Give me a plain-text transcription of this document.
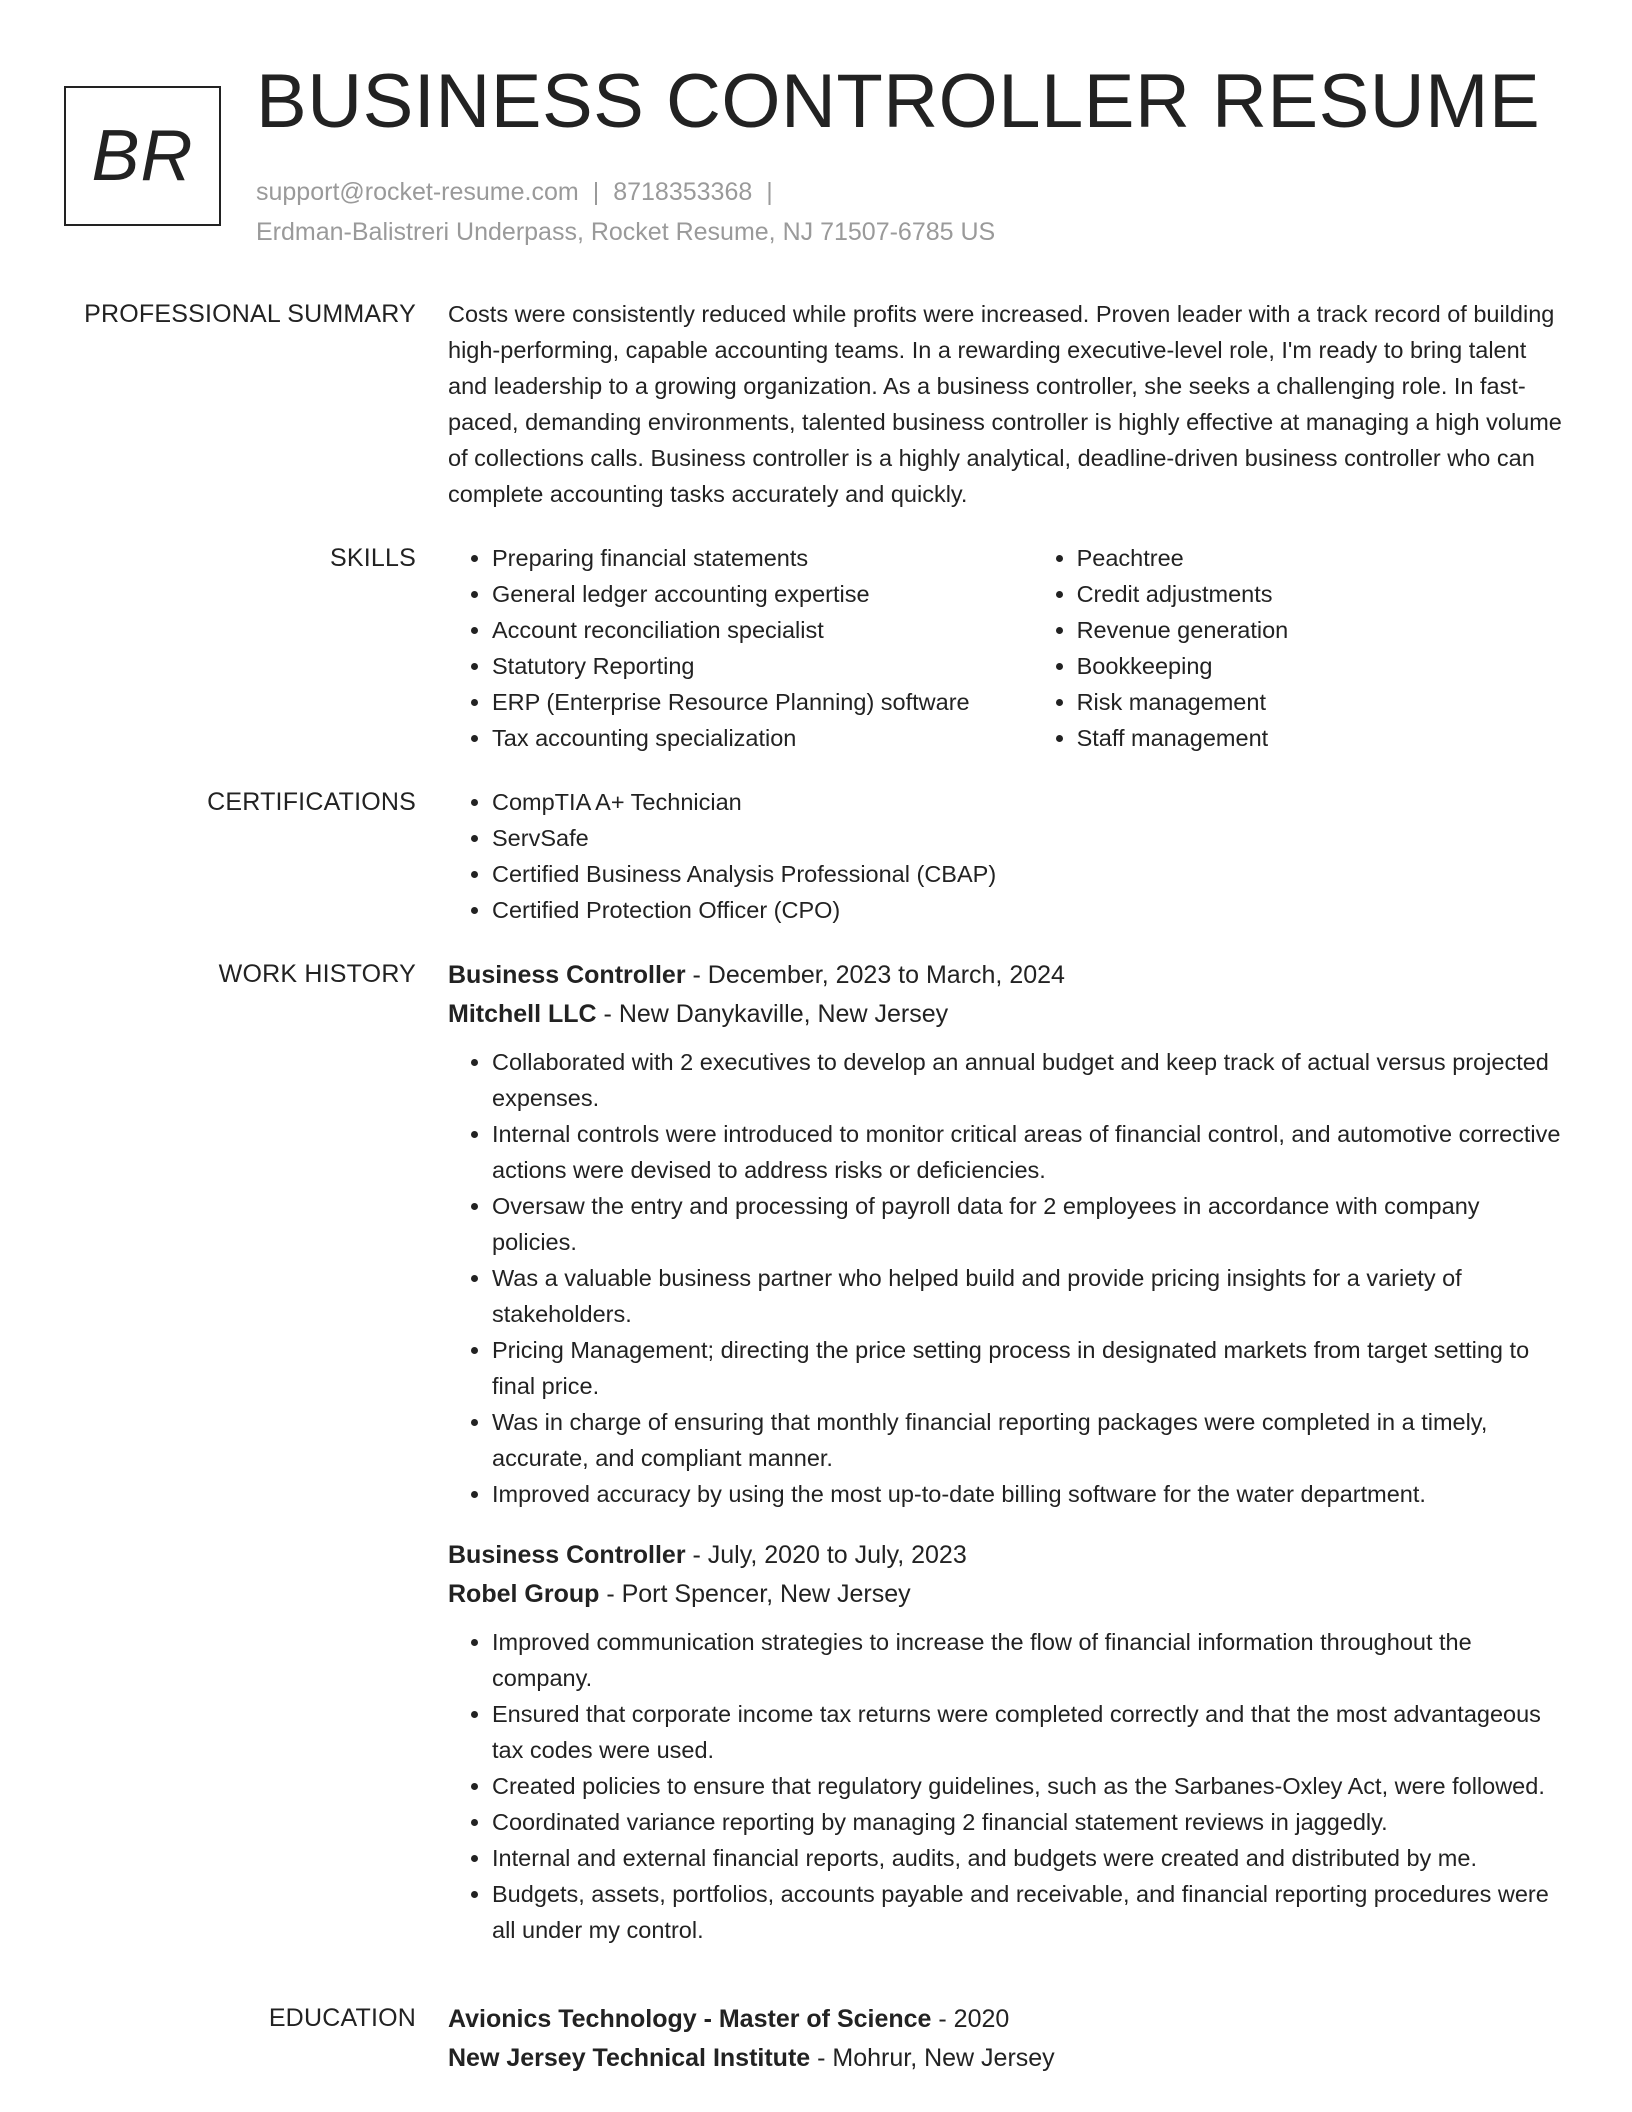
BR
BUSINESS CONTROLLER RESUME
support@rocket-resume.com | 8718353368 |
Erdman-Balistreri Underpass, Rocket Resume, NJ 71507-6785 US
PROFESSIONAL SUMMARY Costs were consistently reduced while profits were increased. Proven leader with a track record of building high-performing, capable accounting teams. In a rewarding executive-level role, I'm ready to bring talent and leadership to a growing organization. As a business controller, she seeks a challenging role. In fast-paced, demanding environments, talented business controller is highly effective at managing a high volume of collections calls. Business controller is a highly analytical, deadline-driven business controller who can complete accounting tasks accurately and quickly.
SKILLS	• Preparing financial statements
• General ledger accounting expertise
• Account reconciliation specialist
• Statutory Reporting
• ERP (Enterprise Resource Planning) software
• Tax accounting specialization
• Peachtree
• Credit adjustments
• Revenue generation
• Bookkeeping
• Risk management
• Staff management
CERTIFICATIONS	• CompTIA A+ Technician
• ServSafe
• Certified Business Analysis Professional (CBAP)
• Certified Protection Officer (CPO)
WORK HISTORY Business Controller - December, 2023 to March, 2024
Mitchell LLC - New Danykaville, New Jersey
• Collaborated with 2 executives to develop an annual budget and keep track of actual versus projected expenses.
• Internal controls were introduced to monitor critical areas of financial control, and automotive corrective actions were devised to address risks or deficiencies.
• Oversaw the entry and processing of payroll data for 2 employees in accordance with company policies.
• Was a valuable business partner who helped build and provide pricing insights for a variety of stakeholders.
• Pricing Management; directing the price setting process in designated markets from target setting to final price.
• Was in charge of ensuring that monthly financial reporting packages were completed in a timely, accurate, and compliant manner.
• Improved accuracy by using the most up-to-date billing software for the water department.
Business Controller - July, 2020 to July, 2023
Robel Group - Port Spencer, New Jersey
• Improved communication strategies to increase the flow of financial information throughout the company.
• Ensured that corporate income tax returns were completed correctly and that the most advantageous tax codes were used.
• Created policies to ensure that regulatory guidelines, such as the Sarbanes-Oxley Act, were followed.
• Coordinated variance reporting by managing 2 financial statement reviews in jaggedly.
• Internal and external financial reports, audits, and budgets were created and distributed by me.
• Budgets, assets, portfolios, accounts payable and receivable, and financial reporting procedures were all under my control.
EDUCATION Avionics Technology - Master of Science - 2020
New Jersey Technical Institute - Mohrur, New Jersey
